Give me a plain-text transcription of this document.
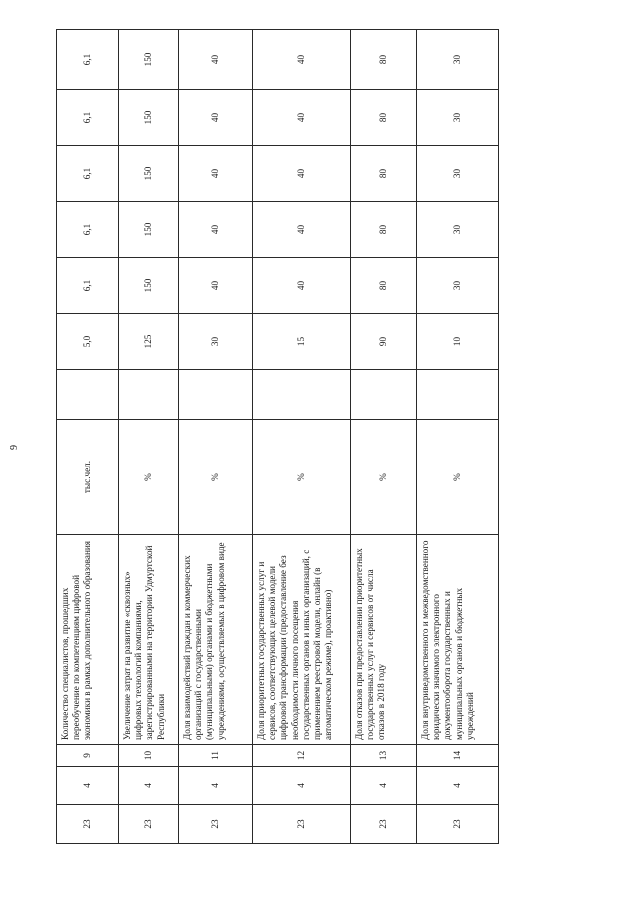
9
23	4	9	Количество специалистов, прошедших переобучение по компетенциям цифровой экономики в рамках дополнительного образования	тыс.чел.		5,0	6,1	6,1	6,1	6,1	6,1
23	4	10	Увеличение затрат на развитие «сквозных» цифровых технологий компаниями, зарегистрированными на территории Удмуртской Республики	%		125	150	150	150	150	150
23	4	11	Доля взаимодействий граждан и коммерческих организаций с государственными (муниципальными) органами и бюджетными учреждениями, осуществляемых в цифровом виде	%		30	40	40	40	40	40
23	4	12	Доля приоритетных государственных услуг и сервисов, соответствующих целевой модели цифровой трансформации (предоставление без необходимости личного посещения государственных органов и иных организаций, с применением реестровой модели, онлайн (в автоматическом режиме), проактивно)	%		15	40	40	40	40	40
23	4	13	Доля отказов при предоставлении приоритетных государственных услуг и сервисов от числа отказов в 2018 году	%		90	80	80	80	80	80
23	4	14	Доля внутриведомственного и межведомственного юридически значимого электронного документооборота государственных и муниципальных органов и бюджетных учреждений	%		10	30	30	30	30	30
